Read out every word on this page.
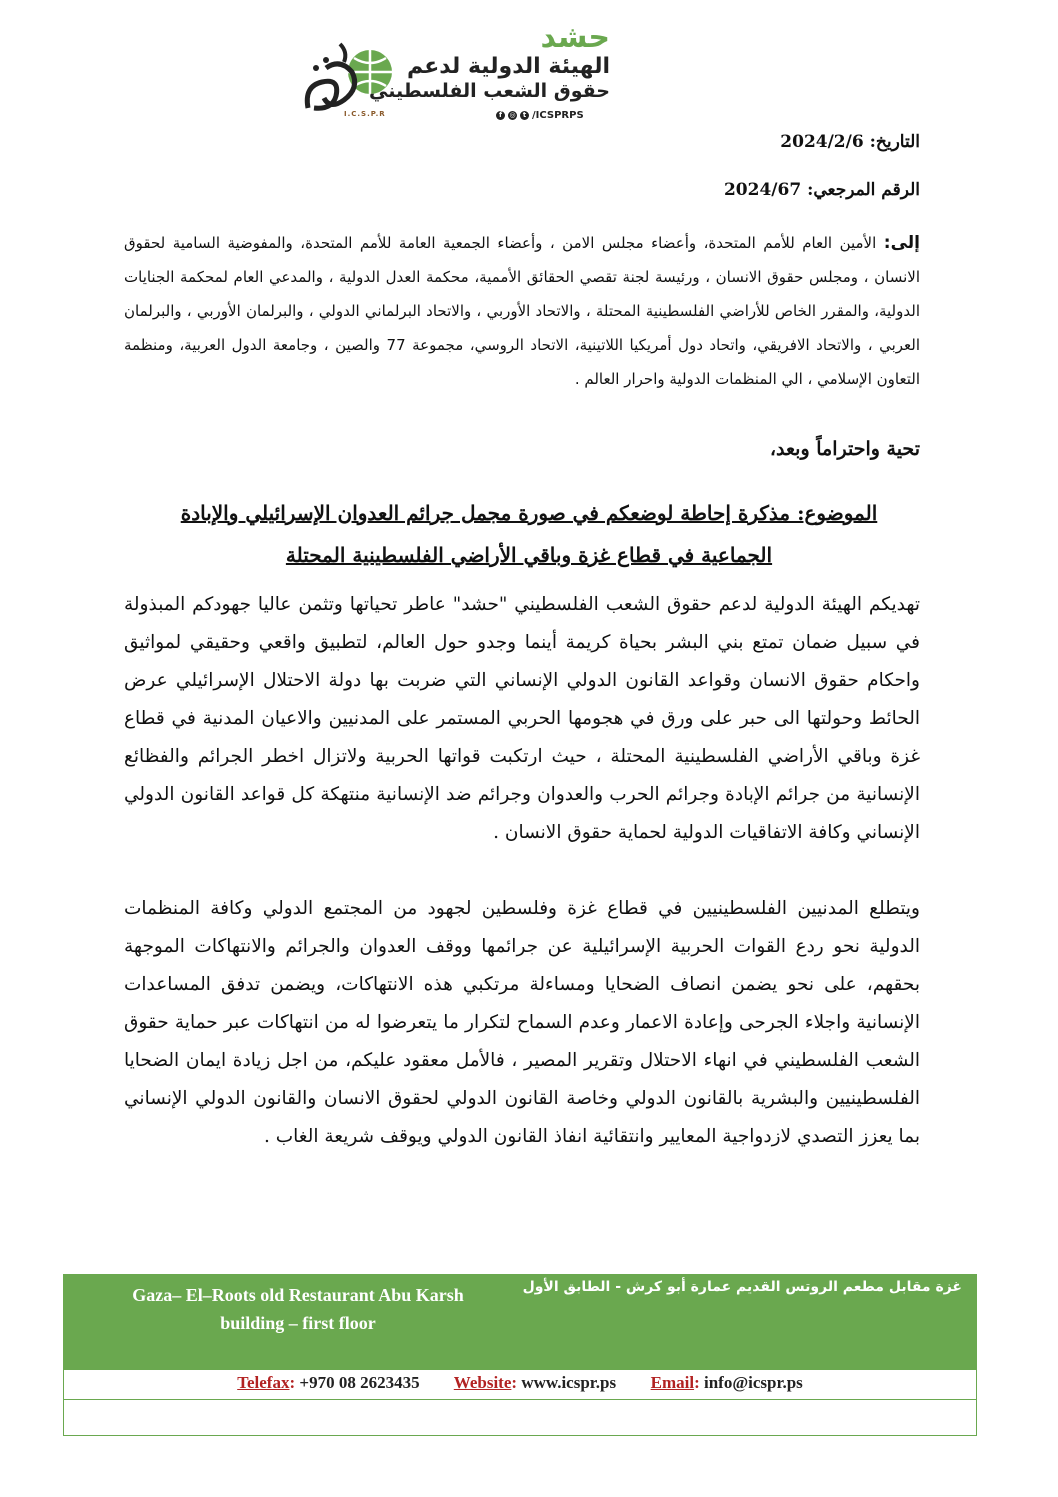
حشد
الهيئة الدولية لدعم
حقوق الشعب الفلسطيني
I.C.S.P.R	f	◎	t /ICSPRPS
التاريخ: 2024/2/6
الرقم المرجعي: 2024/67
إلى: الأمين العام للأمم المتحدة، وأعضاء مجلس الامن ، وأعضاء الجمعية العامة للأمم المتحدة، والمفوضية السامية لحقوق الانسان ، ومجلس حقوق الانسان ، ورئيسة لجنة تقصي الحقائق الأممية، محكمة العدل الدولية ، والمدعي العام لمحكمة الجنايات الدولية، والمقرر الخاص للأراضي الفلسطينية المحتلة ، والاتحاد الأوربي ، والاتحاد البرلماني الدولي ، والبرلمان الأوربي ، والبرلمان العربي ، والاتحاد الافريقي، واتحاد دول أمريكيا اللاتينية، الاتحاد الروسي، مجموعة 77 والصين ، وجامعة الدول العربية، ومنظمة التعاون الإسلامي ، الي المنظمات الدولية واحرار العالم .
تحية واحتراماً وبعد،
الموضوع: مذكرة إحاطة لوضعكم في صورة مجمل جرائم العدوان الإسرائيلي والإبادة الجماعية في قطاع غزة وباقي الأراضي الفلسطينية المحتلة
تهديكم الهيئة الدولية لدعم حقوق الشعب الفلسطيني "حشد" عاطر تحياتها وتثمن عاليا جهودكم المبذولة في سبيل ضمان تمتع بني البشر بحياة كريمة أينما وجدو حول العالم، لتطبيق واقعي وحقيقي لمواثيق واحكام حقوق الانسان وقواعد القانون الدولي الإنساني التي ضربت بها دولة الاحتلال الإسرائيلي عرض الحائط وحولتها الى حبر على ورق في هجومها الحربي المستمر على المدنيين والاعيان المدنية في قطاع غزة وباقي الأراضي الفلسطينية المحتلة ، حيث ارتكبت قواتها الحربية ولاتزال اخطر الجرائم والفظائع الإنسانية من جرائم الإبادة وجرائم الحرب والعدوان وجرائم ضد الإنسانية منتهكة كل قواعد القانون الدولي الإنساني وكافة الاتفاقيات الدولية لحماية حقوق الانسان .
ويتطلع المدنيين الفلسطينيين في قطاع غزة وفلسطين لجهود من المجتمع الدولي وكافة المنظمات الدولية نحو ردع القوات الحربية الإسرائيلية عن جرائمها ووقف العدوان والجرائم والانتهاكات الموجهة بحقهم، على نحو يضمن انصاف الضحايا ومساءلة مرتكبي هذه الانتهاكات، ويضمن تدفق المساعدات الإنسانية واجلاء الجرحى وإعادة الاعمار وعدم السماح لتكرار ما يتعرضوا له من انتهاكات عبر حماية حقوق الشعب الفلسطيني في انهاء الاحتلال وتقرير المصير ، فالأمل معقود عليكم، من اجل زيادة ايمان الضحايا الفلسطينيين والبشرية بالقانون الدولي وخاصة القانون الدولي لحقوق الانسان والقانون الدولي الإنساني بما يعزز التصدي لازدواجية المعايير وانتقائية انفاذ القانون الدولي ويوقف شريعة الغاب .
Gaza– El–Roots old Restaurant Abu Karsh
building – first floor
غزة مقابل مطعم الروتس القديم عمارة أبو كرش - الطابق الأول
Telefax: +970 08 2623435 Website: www.icspr.ps Email: info@icspr.ps
